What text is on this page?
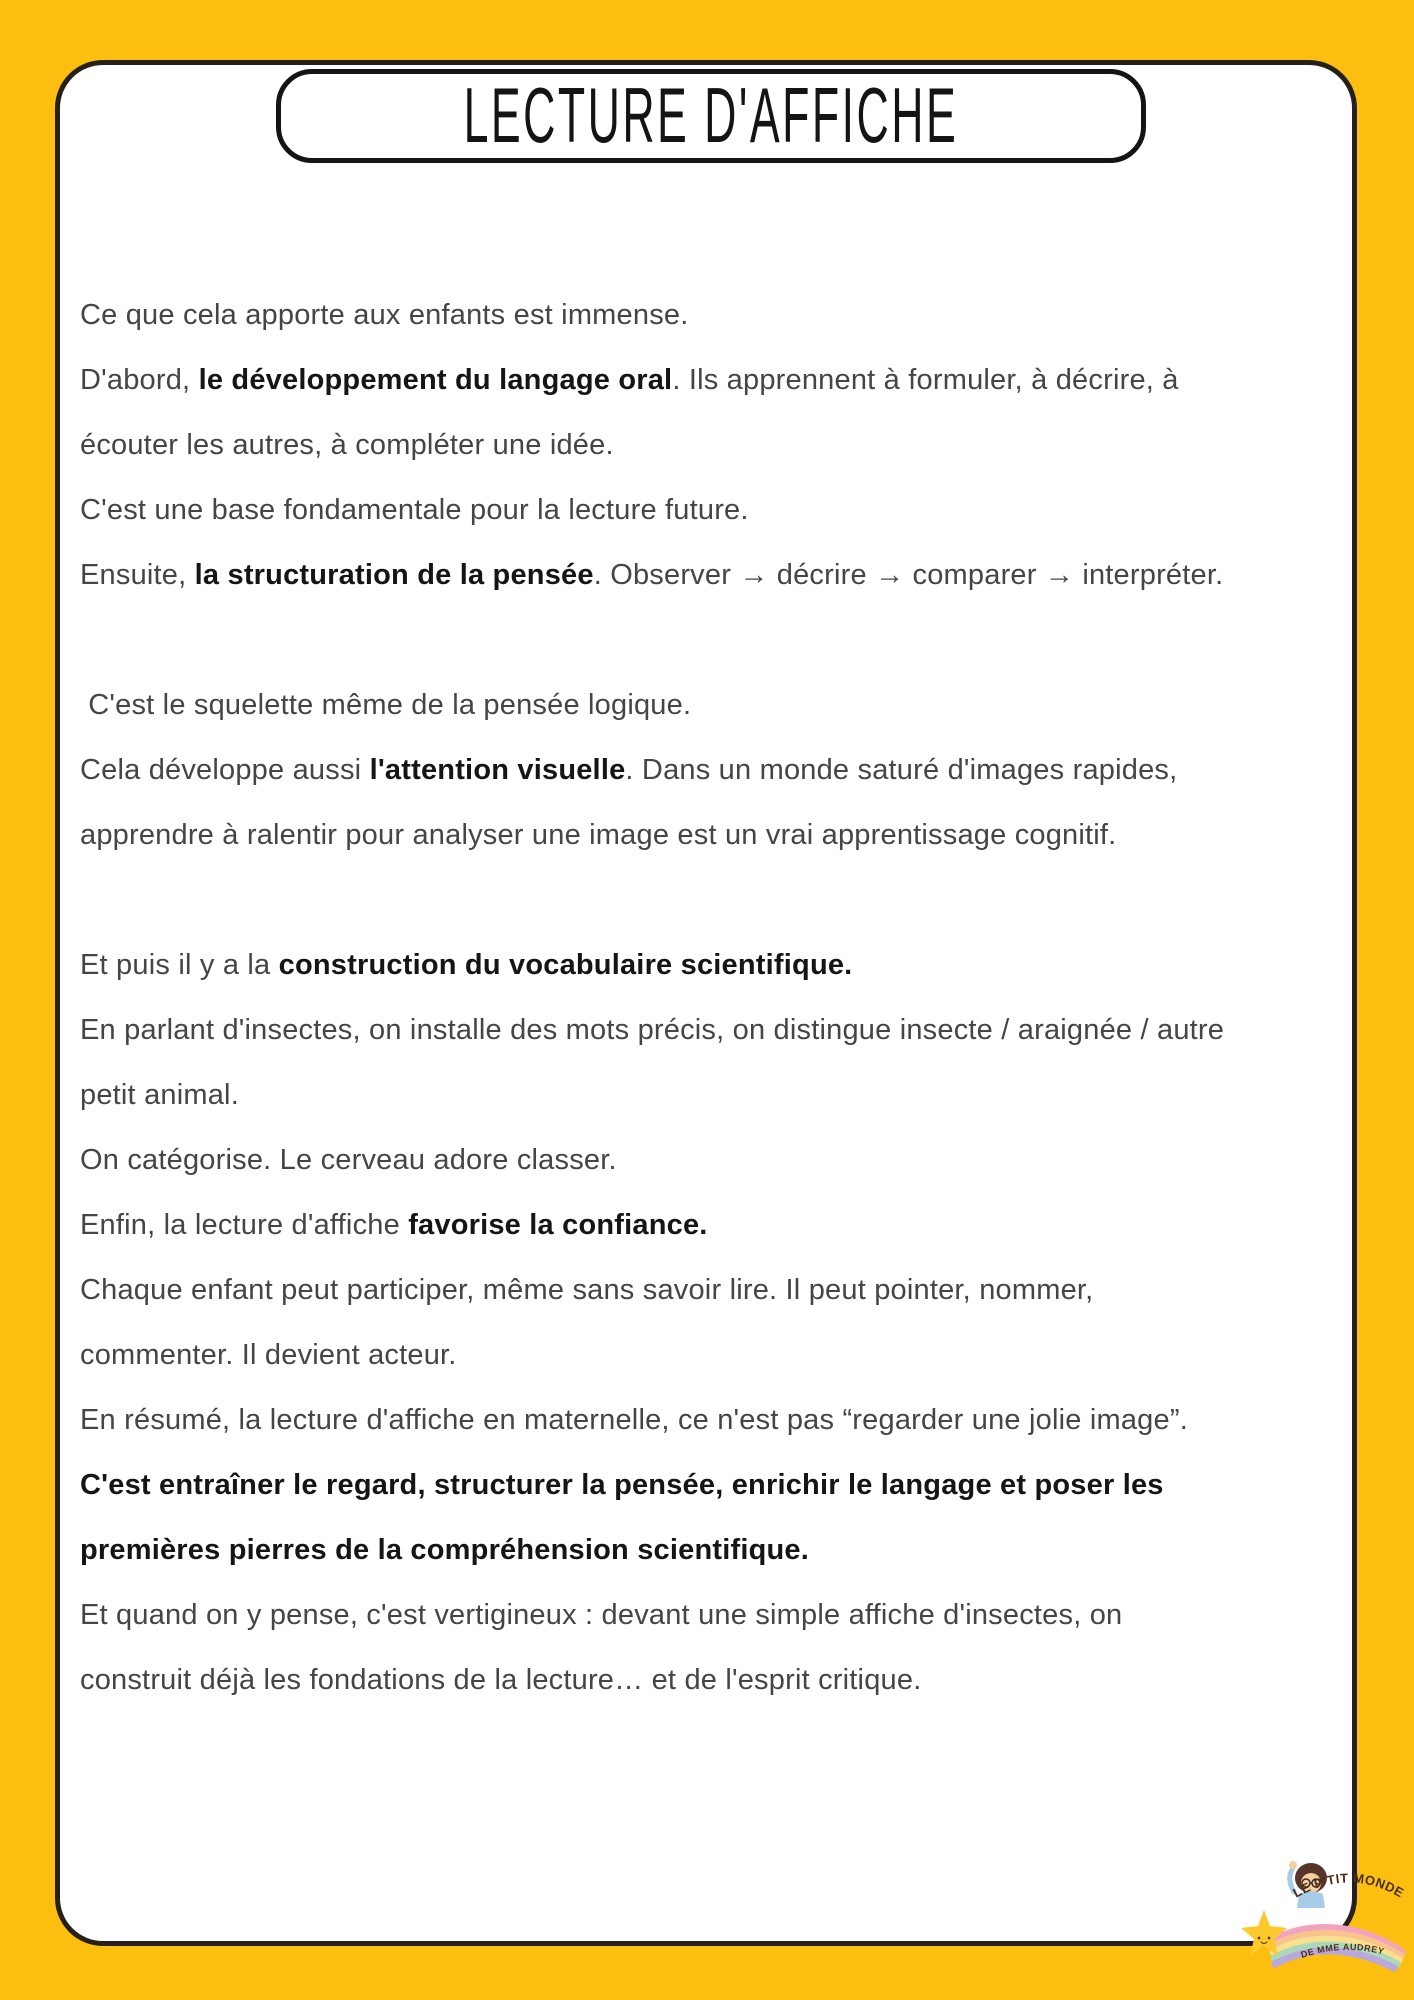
LECTURE D'AFFICHE

Ce que cela apporte aux enfants est immense.

D'abord, le développement du langage oral. Ils apprennent à formuler, à décrire, à écouter les autres, à compléter une idée.

C'est une base fondamentale pour la lecture future.

Ensuite, la structuration de la pensée. Observer → décrire → comparer → interpréter.

C'est le squelette même de la pensée logique.

Cela développe aussi l'attention visuelle. Dans un monde saturé d'images rapides, apprendre à ralentir pour analyser une image est un vrai apprentissage cognitif.

Et puis il y a la construction du vocabulaire scientifique.

En parlant d'insectes, on installe des mots précis, on distingue insecte / araignée / autre petit animal.

On catégorise. Le cerveau adore classer.

Enfin, la lecture d'affiche favorise la confiance.

Chaque enfant peut participer, même sans savoir lire. Il peut pointer, nommer, commenter. Il devient acteur.

En résumé, la lecture d'affiche en maternelle, ce n'est pas “regarder une jolie image”.

C'est entraîner le regard, structurer la pensée, enrichir le langage et poser les premières pierres de la compréhension scientifique.

Et quand on y pense, c'est vertigineux : devant une simple affiche d'insectes, on construit déjà les fondations de la lecture… et de l'esprit critique.

LE P'TIT MONDE
DE MME AUDREY
